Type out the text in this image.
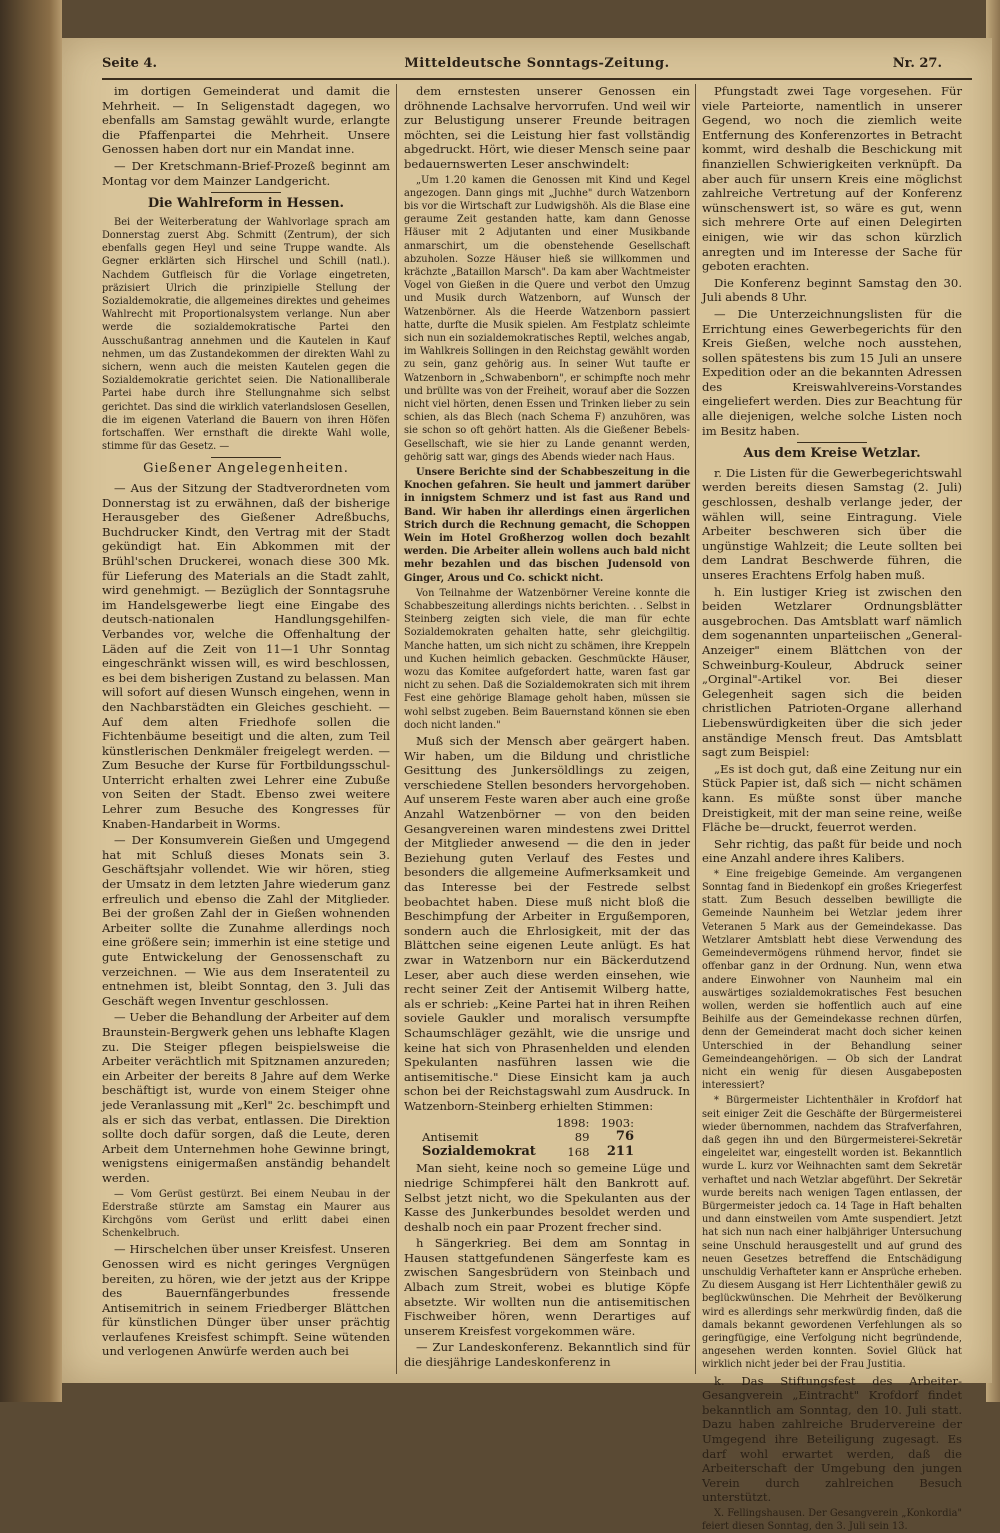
Seite 4.	Mitteldeutsche Sonntags-Zeitung.	Nr. 27.

im dortigen Gemeinderat und damit die Mehrheit. — In Seligenstadt dagegen, wo ebenfalls am Samstag gewählt wurde, erlangte die Pfaffenpartei die Mehrheit. Unsere Genossen haben dort nur ein Mandat inne.

— Der Kretschmann-Brief-Prozeß beginnt am Montag vor dem Mainzer Landgericht.

Die Wahlreform in Hessen.

Bei der Weiterberatung der Wahlvorlage sprach am Donnerstag zuerst Abg. Schmitt (Zentrum), der sich ebenfalls gegen Heyl und seine Truppe wandte. Als Gegner erklärten sich Hirschel und Schill (natl.). Nachdem Gutfleisch für die Vorlage eingetreten, präzisiert Ulrich die prinzipielle Stellung der Sozialdemokratie, die allgemeines direktes und geheimes Wahlrecht mit Proportionalsystem verlange. Nun aber werde die sozialdemokratische Partei den Ausschußantrag annehmen und die Kautelen in Kauf nehmen, um das Zustandekommen der direkten Wahl zu sichern, wenn auch die meisten Kautelen gegen die Sozialdemokratie gerichtet seien. Die Nationalliberale Partei habe durch ihre Stellungnahme sich selbst gerichtet. Das sind die wirklich vaterlandslosen Gesellen, die im eigenen Vaterland die Bauern von ihren Höfen fortschaffen. Wer ernsthaft die direkte Wahl wolle, stimme für das Gesetz. —

Gießener Angelegenheiten.

— Aus der Sitzung der Stadtverordneten vom Donnerstag ist zu erwähnen, daß der bisherige Herausgeber des Gießener Adreßbuchs, Buchdrucker Kindt, den Vertrag mit der Stadt gekündigt hat. Ein Abkommen mit der Brühl'schen Druckerei, wonach diese 300 Mk. für Lieferung des Materials an die Stadt zahlt, wird genehmigt. — Bezüglich der Sonntagsruhe im Handelsgewerbe liegt eine Eingabe des deutsch-nationalen Handlungsgehilfen-Verbandes vor, welche die Offenhaltung der Läden auf die Zeit von 11—1 Uhr Sonntag eingeschränkt wissen will, es wird beschlossen, es bei dem bisherigen Zustand zu belassen. Man will sofort auf diesen Wunsch eingehen, wenn in den Nachbarstädten ein Gleiches geschieht. — Auf dem alten Friedhofe sollen die Fichtenbäume beseitigt und die alten, zum Teil künstlerischen Denkmäler freigelegt werden. — Zum Besuche der Kurse für Fortbildungsschul-Unterricht erhalten zwei Lehrer eine Zubuße von Seiten der Stadt. Ebenso zwei weitere Lehrer zum Besuche des Kongresses für Knaben-Handarbeit in Worms.

— Der Konsumverein Gießen und Umgegend hat mit Schluß dieses Monats sein 3. Geschäftsjahr vollendet. Wie wir hören, stieg der Umsatz in dem letzten Jahre wiederum ganz erfreulich und ebenso die Zahl der Mitglieder. Bei der großen Zahl der in Gießen wohnenden Arbeiter sollte die Zunahme allerdings noch eine größere sein; immerhin ist eine stetige und gute Entwickelung der Genossenschaft zu verzeichnen. — Wie aus dem Inseratenteil zu entnehmen ist, bleibt Sonntag, den 3. Juli das Geschäft wegen Inventur geschlossen.

— Ueber die Behandlung der Arbeiter auf dem Braunstein-Bergwerk gehen uns lebhafte Klagen zu. Die Steiger pflegen beispielsweise die Arbeiter verächtlich mit Spitznamen anzureden; ein Arbeiter der bereits 8 Jahre auf dem Werke beschäftigt ist, wurde von einem Steiger ohne jede Veranlassung mit „Kerl" 2c. beschimpft und als er sich das verbat, entlassen. Die Direktion sollte doch dafür sorgen, daß die Leute, deren Arbeit dem Unternehmen hohe Gewinne bringt, wenigstens einigermaßen anständig behandelt werden.

— Vom Gerüst gestürzt. Bei einem Neubau in der Ederstraße stürzte am Samstag ein Maurer aus Kirchgöns vom Gerüst und erlitt dabei einen Schenkelbruch.

— Hirschelchen über unser Kreisfest. Unseren Genossen wird es nicht geringes Vergnügen bereiten, zu hören, wie der jetzt aus der Krippe des Bauernfängerbundes fressende Antisemitrich in seinem Friedberger Blättchen für künstlichen Dünger über unser prächtig verlaufenes Kreisfest schimpft. Seine wütenden und verlogenen Anwürfe werden auch bei

dem ernstesten unserer Genossen ein dröhnende Lachsalve hervorrufen. Und weil wir zur Belustigung unserer Freunde beitragen möchten, sei die Leistung hier fast vollständig abgedruckt. Hört, wie dieser Mensch seine paar bedauernswerten Leser anschwindelt:

„Um 1.20 kamen die Genossen mit Kind und Kegel angezogen. Dann gings mit „Juchhe" durch Watzenborn bis vor die Wirtschaft zur Ludwigshöh. Als die Blase eine geraume Zeit gestanden hatte, kam dann Genosse Häuser mit 2 Adjutanten und einer Musikbande anmarschirt, um die obenstehende Gesellschaft abzuholen. Sozze Häuser hieß sie willkommen und krächzte „Bataillon Marsch". Da kam aber Wachtmeister Vogel von Gießen in die Quere und verbot den Umzug und Musik durch Watzenborn, auf Wunsch der Watzenbörner. Als die Heerde Watzenborn passiert hatte, durfte die Musik spielen. Am Festplatz schleimte sich nun ein sozialdemokratisches Reptil, welches angab, im Wahlkreis Sollingen in den Reichstag gewählt worden zu sein, ganz gehörig aus. In seiner Wut taufte er Watzenborn in „Schwabenborn", er schimpfte noch mehr und brüllte was von der Freiheit, worauf aber die Sozzen nicht viel hörten, denen Essen und Trinken lieber zu sein schien, als das Blech (nach Schema F) anzuhören, was sie schon so oft gehört hatten. Als die Gießener Bebels-Gesellschaft, wie sie hier zu Lande genannt werden, gehörig satt war, gings des Abends wieder nach Haus.

Unsere Berichte sind der Schabbeszeitung in die Knochen gefahren. Sie heult und jammert darüber in innigstem Schmerz und ist fast aus Rand und Band. Wir haben ihr allerdings einen ärgerlichen Strich durch die Rechnung gemacht, die Schoppen Wein im Hotel Großherzog wollen doch bezahlt werden. Die Arbeiter allein wollens auch bald nicht mehr bezahlen und das bischen Judensold von Ginger, Arous und Co. schickt nicht.

Von Teilnahme der Watzenbörner Vereine konnte die Schabbeszeitung allerdings nichts berichten. . . Selbst in Steinberg zeigten sich viele, die man für echte Sozialdemokraten gehalten hatte, sehr gleichgiltig. Manche hatten, um sich nicht zu schämen, ihre Kreppeln und Kuchen heimlich gebacken. Geschmückte Häuser, wozu das Komitee aufgefordert hatte, waren fast gar nicht zu sehen. Daß die Sozialdemokraten sich mit ihrem Fest eine gehörige Blamage geholt haben, müssen sie wohl selbst zugeben. Beim Bauernstand können sie eben doch nicht landen."

Muß sich der Mensch aber geärgert haben. Wir haben, um die Bildung und christliche Gesittung des Junkersöldlings zu zeigen, verschiedene Stellen besonders hervorgehoben. Auf unserem Feste waren aber auch eine große Anzahl Watzenbörner — von den beiden Gesangvereinen waren mindestens zwei Drittel der Mitglieder anwesend — die den in jeder Beziehung guten Verlauf des Festes und besonders die allgemeine Aufmerksamkeit und das Interesse bei der Festrede selbst beobachtet haben. Diese muß nicht bloß die Beschimpfung der Arbeiter in Ergußemporen, sondern auch die Ehrlosigkeit, mit der das Blättchen seine eigenen Leute anlügt. Es hat zwar in Watzenborn nur ein Bäckerdutzend Leser, aber auch diese werden einsehen, wie recht seiner Zeit der Antisemit Wilberg hatte, als er schrieb: „Keine Partei hat in ihren Reihen soviele Gaukler und moralisch versumpfte Schaumschläger gezählt, wie die unsrige und keine hat sich von Phrasenhelden und elenden Spekulanten nasführen lassen wie die antisemitische." Diese Einsicht kam ja auch schon bei der Reichstagswahl zum Ausdruck. In Watzenborn-Steinberg erhielten Stimmen:

	1898:	1903:
Antisemit	89	76
Sozialdemokrat	168	211

Man sieht, keine noch so gemeine Lüge und niedrige Schimpferei hält den Bankrott auf. Selbst jetzt nicht, wo die Spekulanten aus der Kasse des Junkerbundes besoldet werden und deshalb noch ein paar Prozent frecher sind.

h Sängerkrieg. Bei dem am Sonntag in Hausen stattgefundenen Sängerfeste kam es zwischen Sangesbrüdern von Steinbach und Albach zum Streit, wobei es blutige Köpfe absetzte. Wir wollten nun die antisemitischen Fischweiber hören, wenn Derartiges auf unserem Kreisfest vorgekommen wäre.

— Zur Landeskonferenz. Bekanntlich sind für die diesjährige Landeskonferenz in

Pfungstadt zwei Tage vorgesehen. Für viele Parteiorte, namentlich in unserer Gegend, wo noch die ziemlich weite Entfernung des Konferenzortes in Betracht kommt, wird deshalb die Beschickung mit finanziellen Schwierigkeiten verknüpft. Da aber auch für unsern Kreis eine möglichst zahlreiche Vertretung auf der Konferenz wünschenswert ist, so wäre es gut, wenn sich mehrere Orte auf einen Delegirten einigen, wie wir das schon kürzlich anregten und im Interesse der Sache für geboten erachten.

Die Konferenz beginnt Samstag den 30. Juli abends 8 Uhr.

— Die Unterzeichnungslisten für die Errichtung eines Gewerbegerichts für den Kreis Gießen, welche noch ausstehen, sollen spätestens bis zum 15 Juli an unsere Expedition oder an die bekannten Adressen des Kreiswahlvereins-Vorstandes eingeliefert werden. Dies zur Beachtung für alle diejenigen, welche solche Listen noch im Besitz haben.

Aus dem Kreise Wetzlar.

r. Die Listen für die Gewerbegerichtswahl werden bereits diesen Samstag (2. Juli) geschlossen, deshalb verlange jeder, der wählen will, seine Eintragung. Viele Arbeiter beschweren sich über die ungünstige Wahlzeit; die Leute sollten bei dem Landrat Beschwerde führen, die unseres Erachtens Erfolg haben muß.

h. Ein lustiger Krieg ist zwischen den beiden Wetzlarer Ordnungsblätter ausgebrochen. Das Amtsblatt warf nämlich dem sogenannten unparteiischen „General-Anzeiger" einem Blättchen von der Schweinburg-Kouleur, Abdruck seiner „Orginal"-Artikel vor. Bei dieser Gelegenheit sagen sich die beiden christlichen Patrioten-Organe allerhand Liebenswürdigkeiten über die sich jeder anständige Mensch freut. Das Amtsblatt sagt zum Beispiel:

„Es ist doch gut, daß eine Zeitung nur ein Stück Papier ist, daß sich — nicht schämen kann. Es müßte sonst über manche Dreistigkeit, mit der man seine reine, weiße Fläche be—druckt, feuerrot werden.

Sehr richtig, das paßt für beide und noch eine Anzahl andere ihres Kalibers.

* Eine freigebige Gemeinde. Am vergangenen Sonntag fand in Biedenkopf ein großes Kriegerfest statt. Zum Besuch desselben bewilligte die Gemeinde Naunheim bei Wetzlar jedem ihrer Veteranen 5 Mark aus der Gemeindekasse. Das Wetzlarer Amtsblatt hebt diese Verwendung des Gemeindevermögens rühmend hervor, findet sie offenbar ganz in der Ordnung. Nun, wenn etwa andere Einwohner von Naunheim mal ein auswärtiges sozialdemokratisches Fest besuchen wollen, werden sie hoffentlich auch auf eine Beihilfe aus der Gemeindekasse rechnen dürfen, denn der Gemeinderat macht doch sicher keinen Unterschied in der Behandlung seiner Gemeindeangehörigen. — Ob sich der Landrat nicht ein wenig für diesen Ausgabeposten interessiert?

* Bürgermeister Lichtenthäler in Krofdorf hat seit einiger Zeit die Geschäfte der Bürgermeisterei wieder übernommen, nachdem das Strafverfahren, daß gegen ihn und den Bürgermeisterei-Sekretär eingeleitet war, eingestellt worden ist. Bekanntlich wurde L. kurz vor Weihnachten samt dem Sekretär verhaftet und nach Wetzlar abgeführt. Der Sekretär wurde bereits nach wenigen Tagen entlassen, der Bürgermeister jedoch ca. 14 Tage in Haft behalten und dann einstweilen vom Amte suspendiert. Jetzt hat sich nun nach einer halbjähriger Untersuchung seine Unschuld herausgestellt und auf grund des neuen Gesetzes betreffend die Entschädigung unschuldig Verhafteter kann er Ansprüche erheben. Zu diesem Ausgang ist Herr Lichtenthäler gewiß zu beglückwünschen. Die Mehrheit der Bevölkerung wird es allerdings sehr merkwürdig finden, daß die damals bekannt gewordenen Verfehlungen als so geringfügige, eine Verfolgung nicht begründende, angesehen werden konnten. Soviel Glück hat wirklich nicht jeder bei der Frau Justitia.

k. Das Stiftungsfest des Arbeiter-Gesangverein „Eintracht" Krofdorf findet bekanntlich am Sonntag, den 10. Juli statt. Dazu haben zahlreiche Brudervereine der Umgegend ihre Beteiligung zugesagt. Es darf wohl erwartet werden, daß die Arbeiterschaft der Umgebung den jungen Verein durch zahlreichen Besuch unterstützt.

X. Fellingshausen. Der Gesangverein „Konkordia" feiert diesen Sonntag, den 3. Juli sein 13.
